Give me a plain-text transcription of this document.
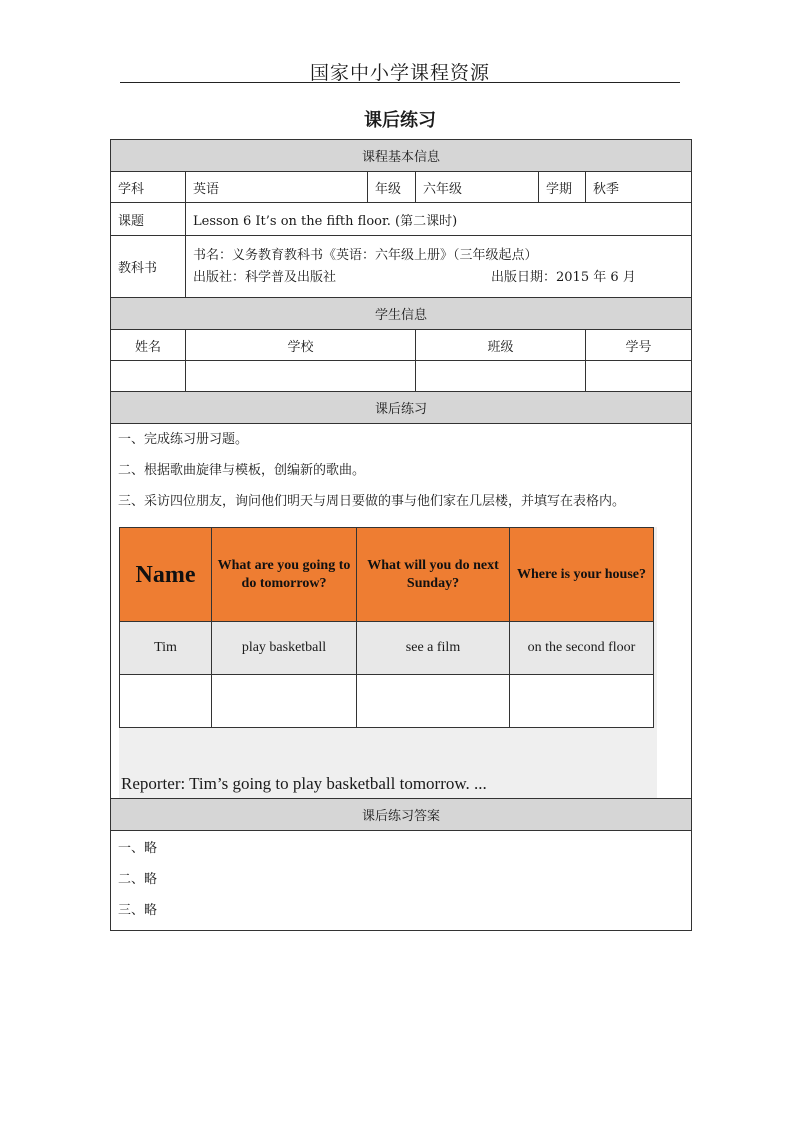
国家中小学课程资源
课后练习
课程基本信息
学科	英语	年级	六年级	学期	秋季
课题	Lesson 6 It’s on the fifth floor. (第二课时)
教科书	
书名：义务教育教科书《英语：六年级上册》（三年级起点）
出版社：科学普及出版社	出版日期：2015 年 6 月

学生信息
姓名	学校	班级	学号

课后练习

一、完成练习册习题。
二、根据歌曲旋律与模板，创编新的歌曲。
三、采访四位朋友，询问他们明天与周日要做的事与他们家在几层楼，并填写在表格内。
Name	What are you going to do tomorrow?	What will you do next Sunday?	Where is your house?
Tim	play basketball	see a film	on the second floor

Reporter: Tim’s going to play basketball tomorrow. ...

课后练习答案

一、略
二、略
三、略
